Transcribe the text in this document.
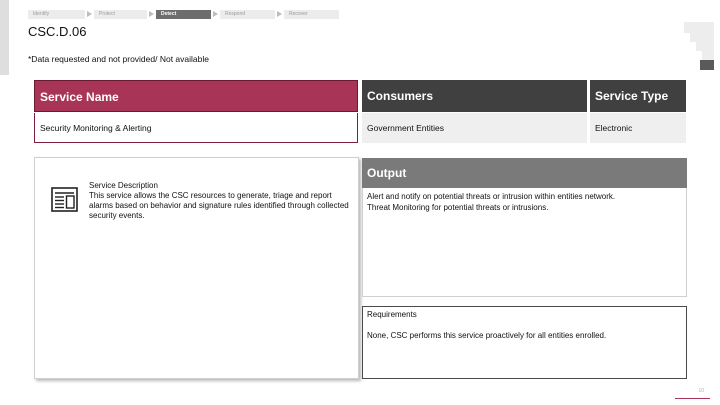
Identify	Protect	Detect	Respond	Recover
CSC.D.06
*Data requested and not provided/ Not available
Service Name	Consumers	Service Type
Security Monitoring & Alerting	Government Entities	Electronic
Service Description
This service allows the CSC resources to generate, triage and report alarms based on behavior and signature rules identified through collected security events.
Output
Alert and notify on potential threats or intrusion within entities network.
Threat Monitoring for potential threats or intrusions.
Requirements
None, CSC performs this service proactively for all entities enrolled.
10
